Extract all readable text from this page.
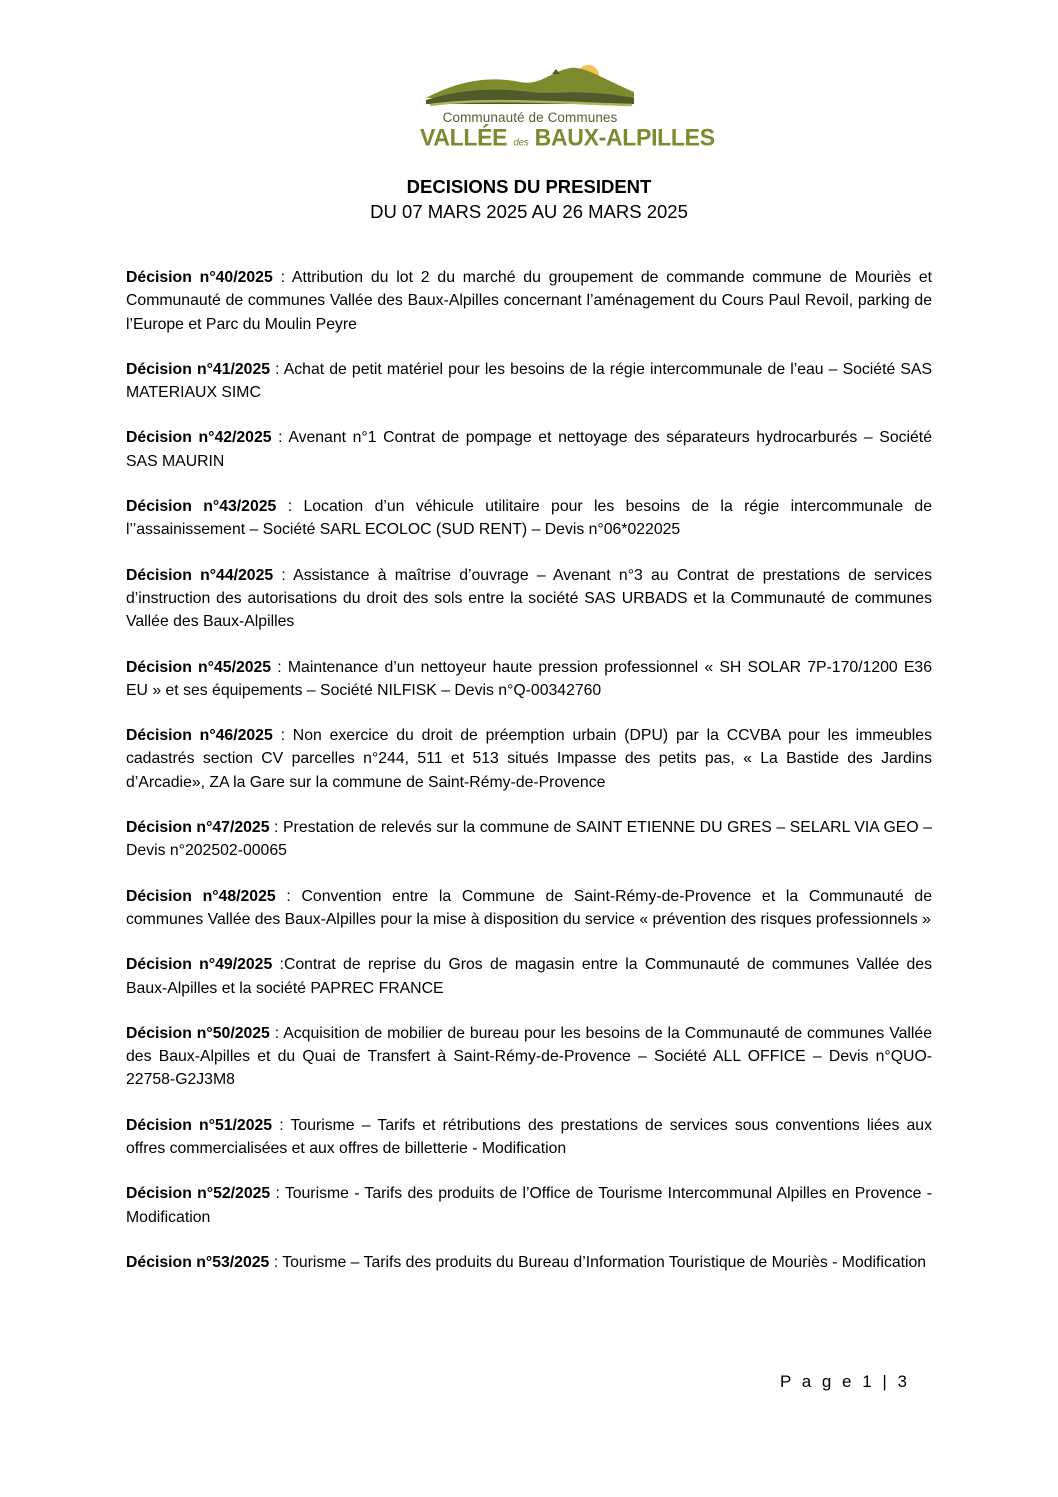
Communauté de Communes
VALLÉE des BAUX-ALPILLES
DECISIONS DU PRESIDENT
DU 07 MARS 2025 AU 26 MARS 2025

Décision n°40/2025 : Attribution du lot 2 du marché du groupement de commande commune de Mouriès et Communauté de communes Vallée des Baux-Alpilles concernant l’aménagement du Cours Paul Revoil, parking de l’Europe et Parc du Moulin Peyre

Décision n°41/2025 : Achat de petit matériel pour les besoins de la régie intercommunale de l’eau – Société SAS MATERIAUX SIMC

Décision n°42/2025 : Avenant n°1 Contrat de pompage et nettoyage des séparateurs hydrocarburés – Société SAS MAURIN

Décision n°43/2025 : Location d’un véhicule utilitaire pour les besoins de la régie intercommunale de l’’assainissement – Société SARL ECOLOC (SUD RENT) – Devis n°06*022025

Décision n°44/2025 : Assistance à maîtrise d’ouvrage – Avenant n°3 au Contrat de prestations de services d’instruction des autorisations du droit des sols entre la société SAS URBADS et la Communauté de communes Vallée des Baux-Alpilles

Décision n°45/2025 : Maintenance d’un nettoyeur haute pression professionnel « SH SOLAR 7P-170/1200 E36 EU » et ses équipements – Société NILFISK – Devis n°Q-00342760

Décision n°46/2025 : Non exercice du droit de préemption urbain (DPU) par la CCVBA pour les immeubles cadastrés section CV parcelles n°244, 511 et 513 situés Impasse des petits pas, « La Bastide des Jardins d’Arcadie», ZA la Gare sur la commune de Saint-Rémy-de-Provence

Décision n°47/2025 : Prestation de relevés sur la commune de SAINT ETIENNE DU GRES – SELARL VIA GEO – Devis n°202502-00065

Décision n°48/2025 : Convention entre la Commune de Saint-Rémy-de-Provence et la Communauté de communes Vallée des Baux-Alpilles pour la mise à disposition du service « prévention des risques professionnels »

Décision n°49/2025 :Contrat de reprise du Gros de magasin entre la Communauté de communes Vallée des Baux-Alpilles et la société PAPREC FRANCE

Décision n°50/2025 : Acquisition de mobilier de bureau pour les besoins de la Communauté de communes Vallée des Baux-Alpilles et du Quai de Transfert à Saint-Rémy-de-Provence – Société ALL OFFICE – Devis n°QUO-22758-G2J3M8

Décision n°51/2025 : Tourisme – Tarifs et rétributions des prestations de services sous conventions liées aux offres commercialisées et aux offres de billetterie - Modification

Décision n°52/2025 : Tourisme - Tarifs des produits de l’Office de Tourisme Intercommunal Alpilles en Provence - Modification

Décision n°53/2025 : Tourisme – Tarifs des produits du Bureau d’Information Touristique de Mouriès - Modification

P a g e 1 | 3
